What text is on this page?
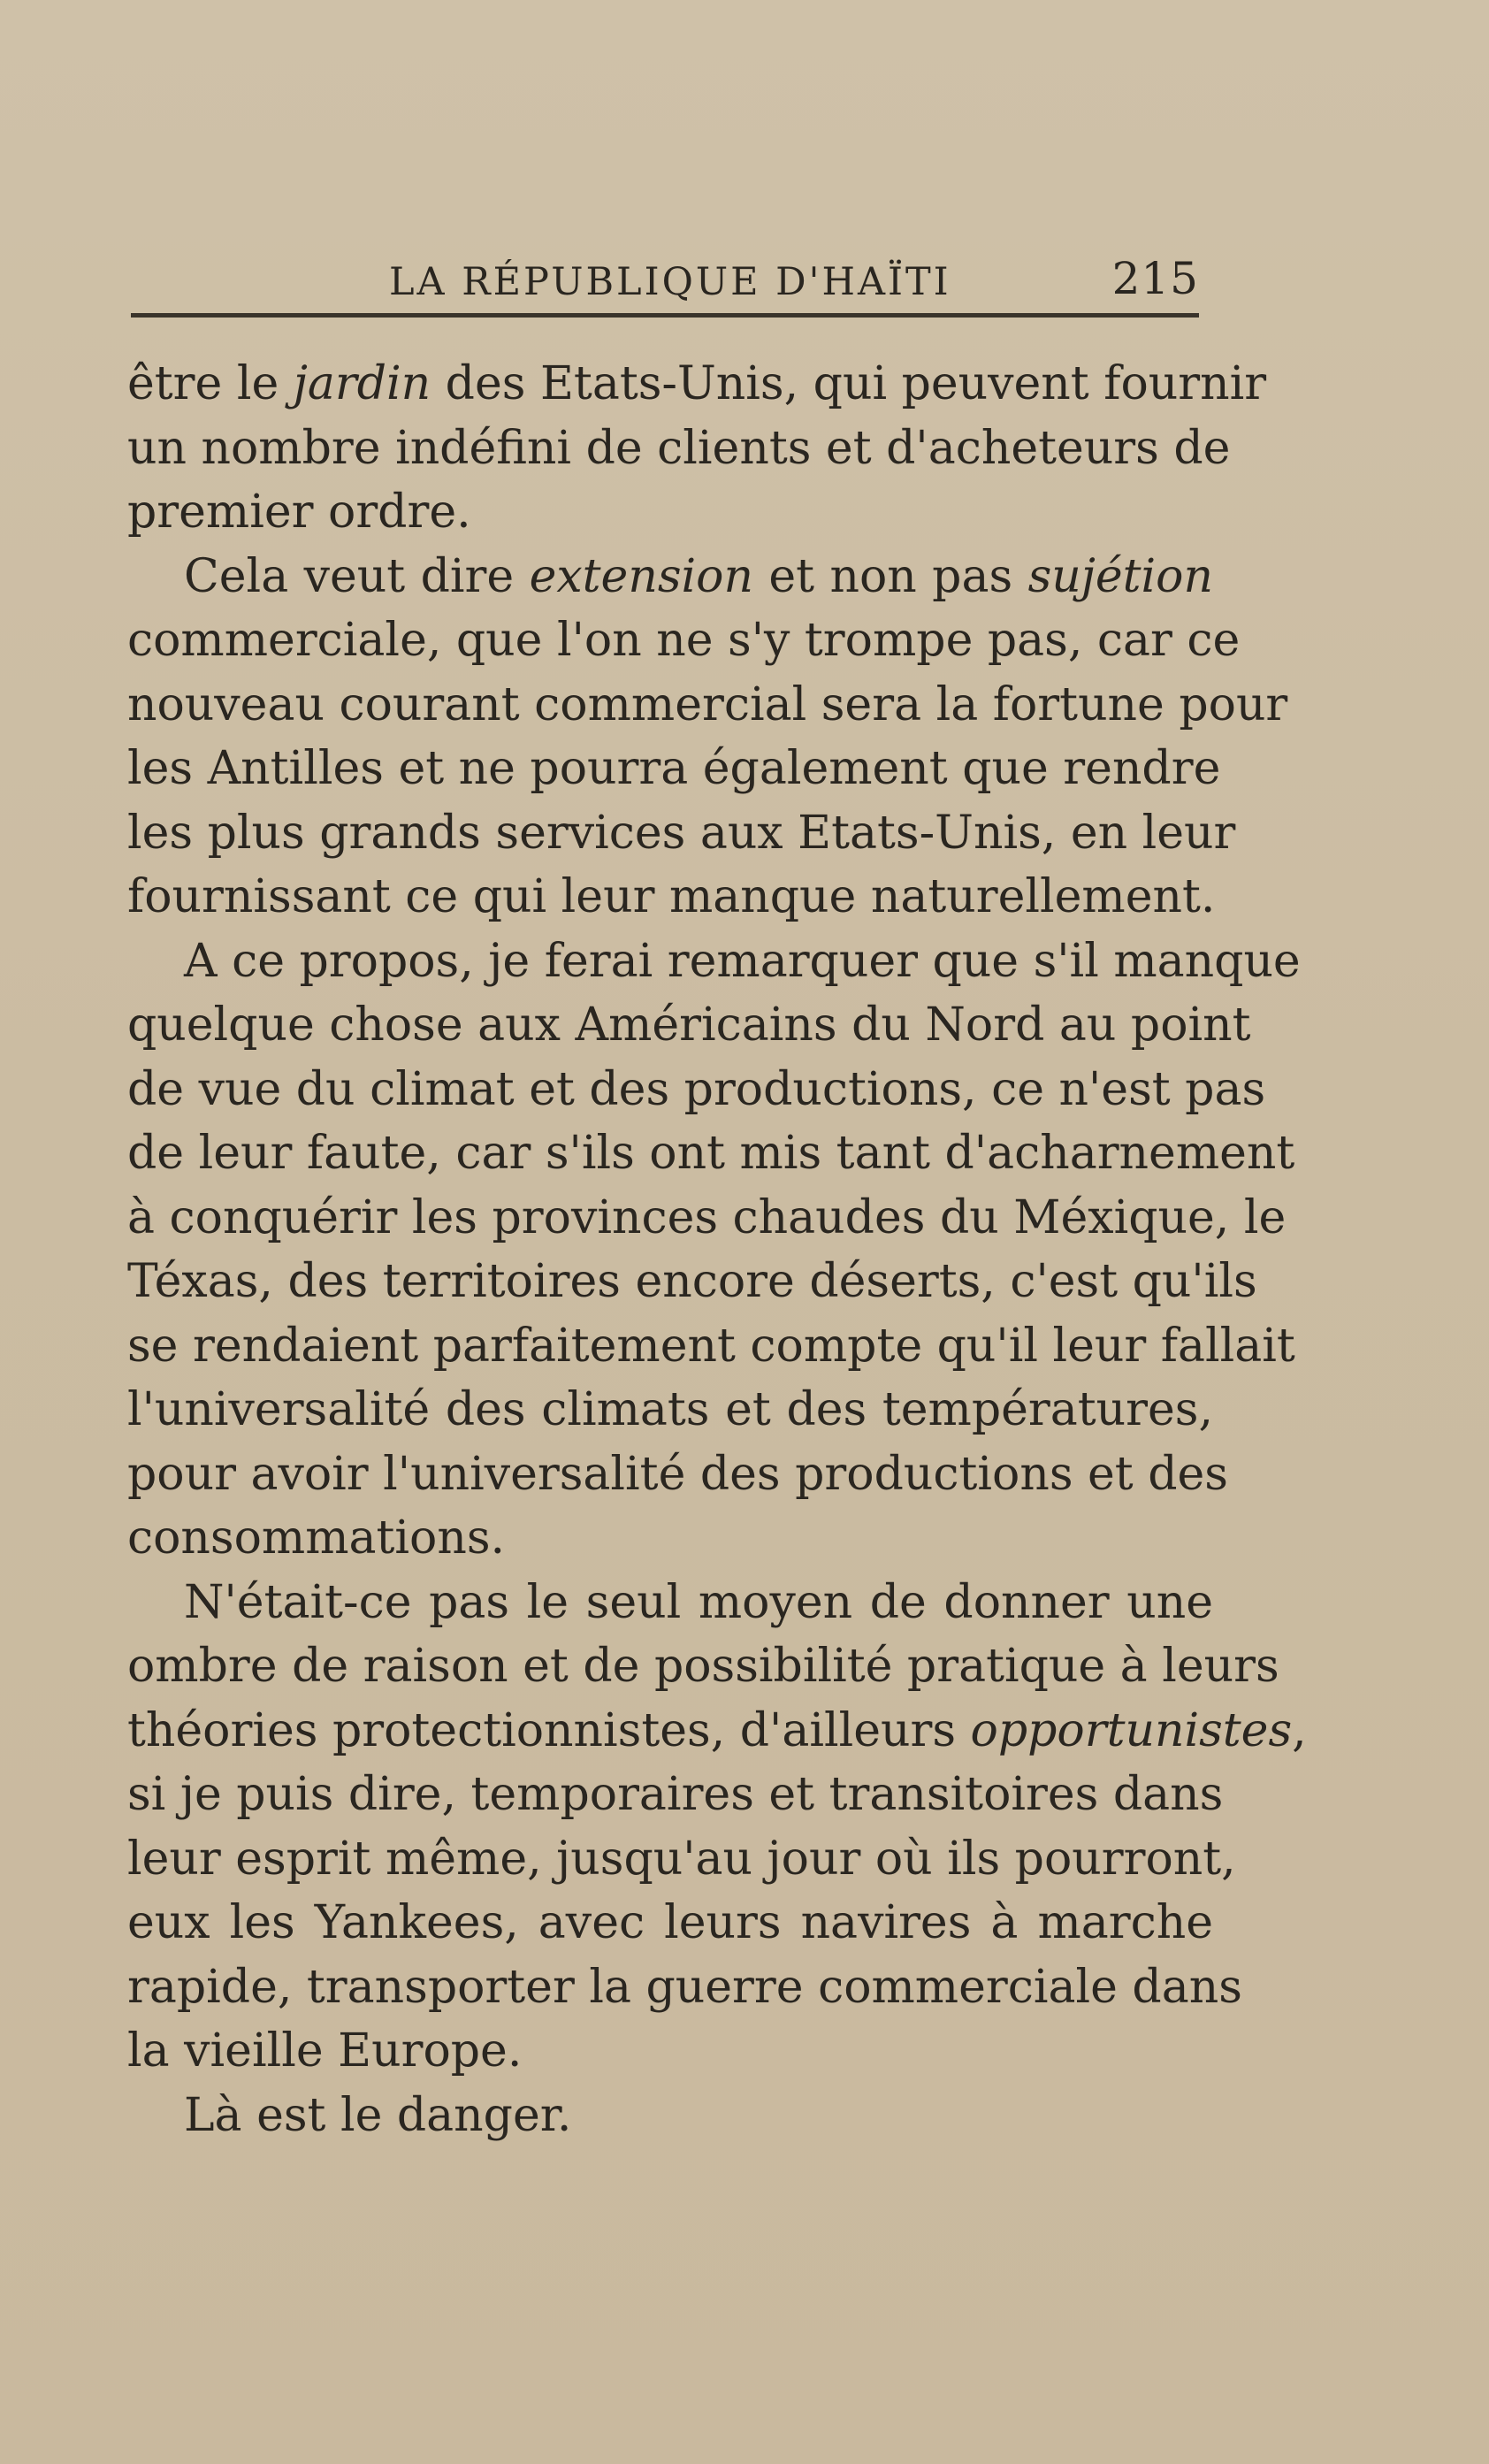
LA RÉPUBLIQUE D'HAÏTI	215
être le jardin des Etats-Unis, qui peuvent fournir
un nombre indéfini de clients et d'acheteurs de
premier ordre.
Cela veut dire extension et non pas sujétion
commerciale, que l'on ne s'y trompe pas, car ce
nouveau courant commercial sera la fortune pour
les Antilles et ne pourra également que rendre
les plus grands services aux Etats-Unis, en leur
fournissant ce qui leur manque naturellement.
A ce propos, je ferai remarquer que s'il manque
quelque chose aux Américains du Nord au point
de vue du climat et des productions, ce n'est pas
de leur faute, car s'ils ont mis tant d'acharnement
à conquérir les provinces chaudes du Méxique, le
Téxas, des territoires encore déserts, c'est qu'ils
se rendaient parfaitement compte qu'il leur fallait
l'universalité des climats et des températures,
pour avoir l'universalité des productions et des
consommations.
N'était-ce pas le seul moyen de donner une
ombre de raison et de possibilité pratique à leurs
théories protectionnistes, d'ailleurs opportunistes,
si je puis dire, temporaires et transitoires dans
leur esprit même, jusqu'au jour où ils pourront,
eux les Yankees, avec leurs navires à marche
rapide, transporter la guerre commerciale dans
la vieille Europe.
Là est le danger.
